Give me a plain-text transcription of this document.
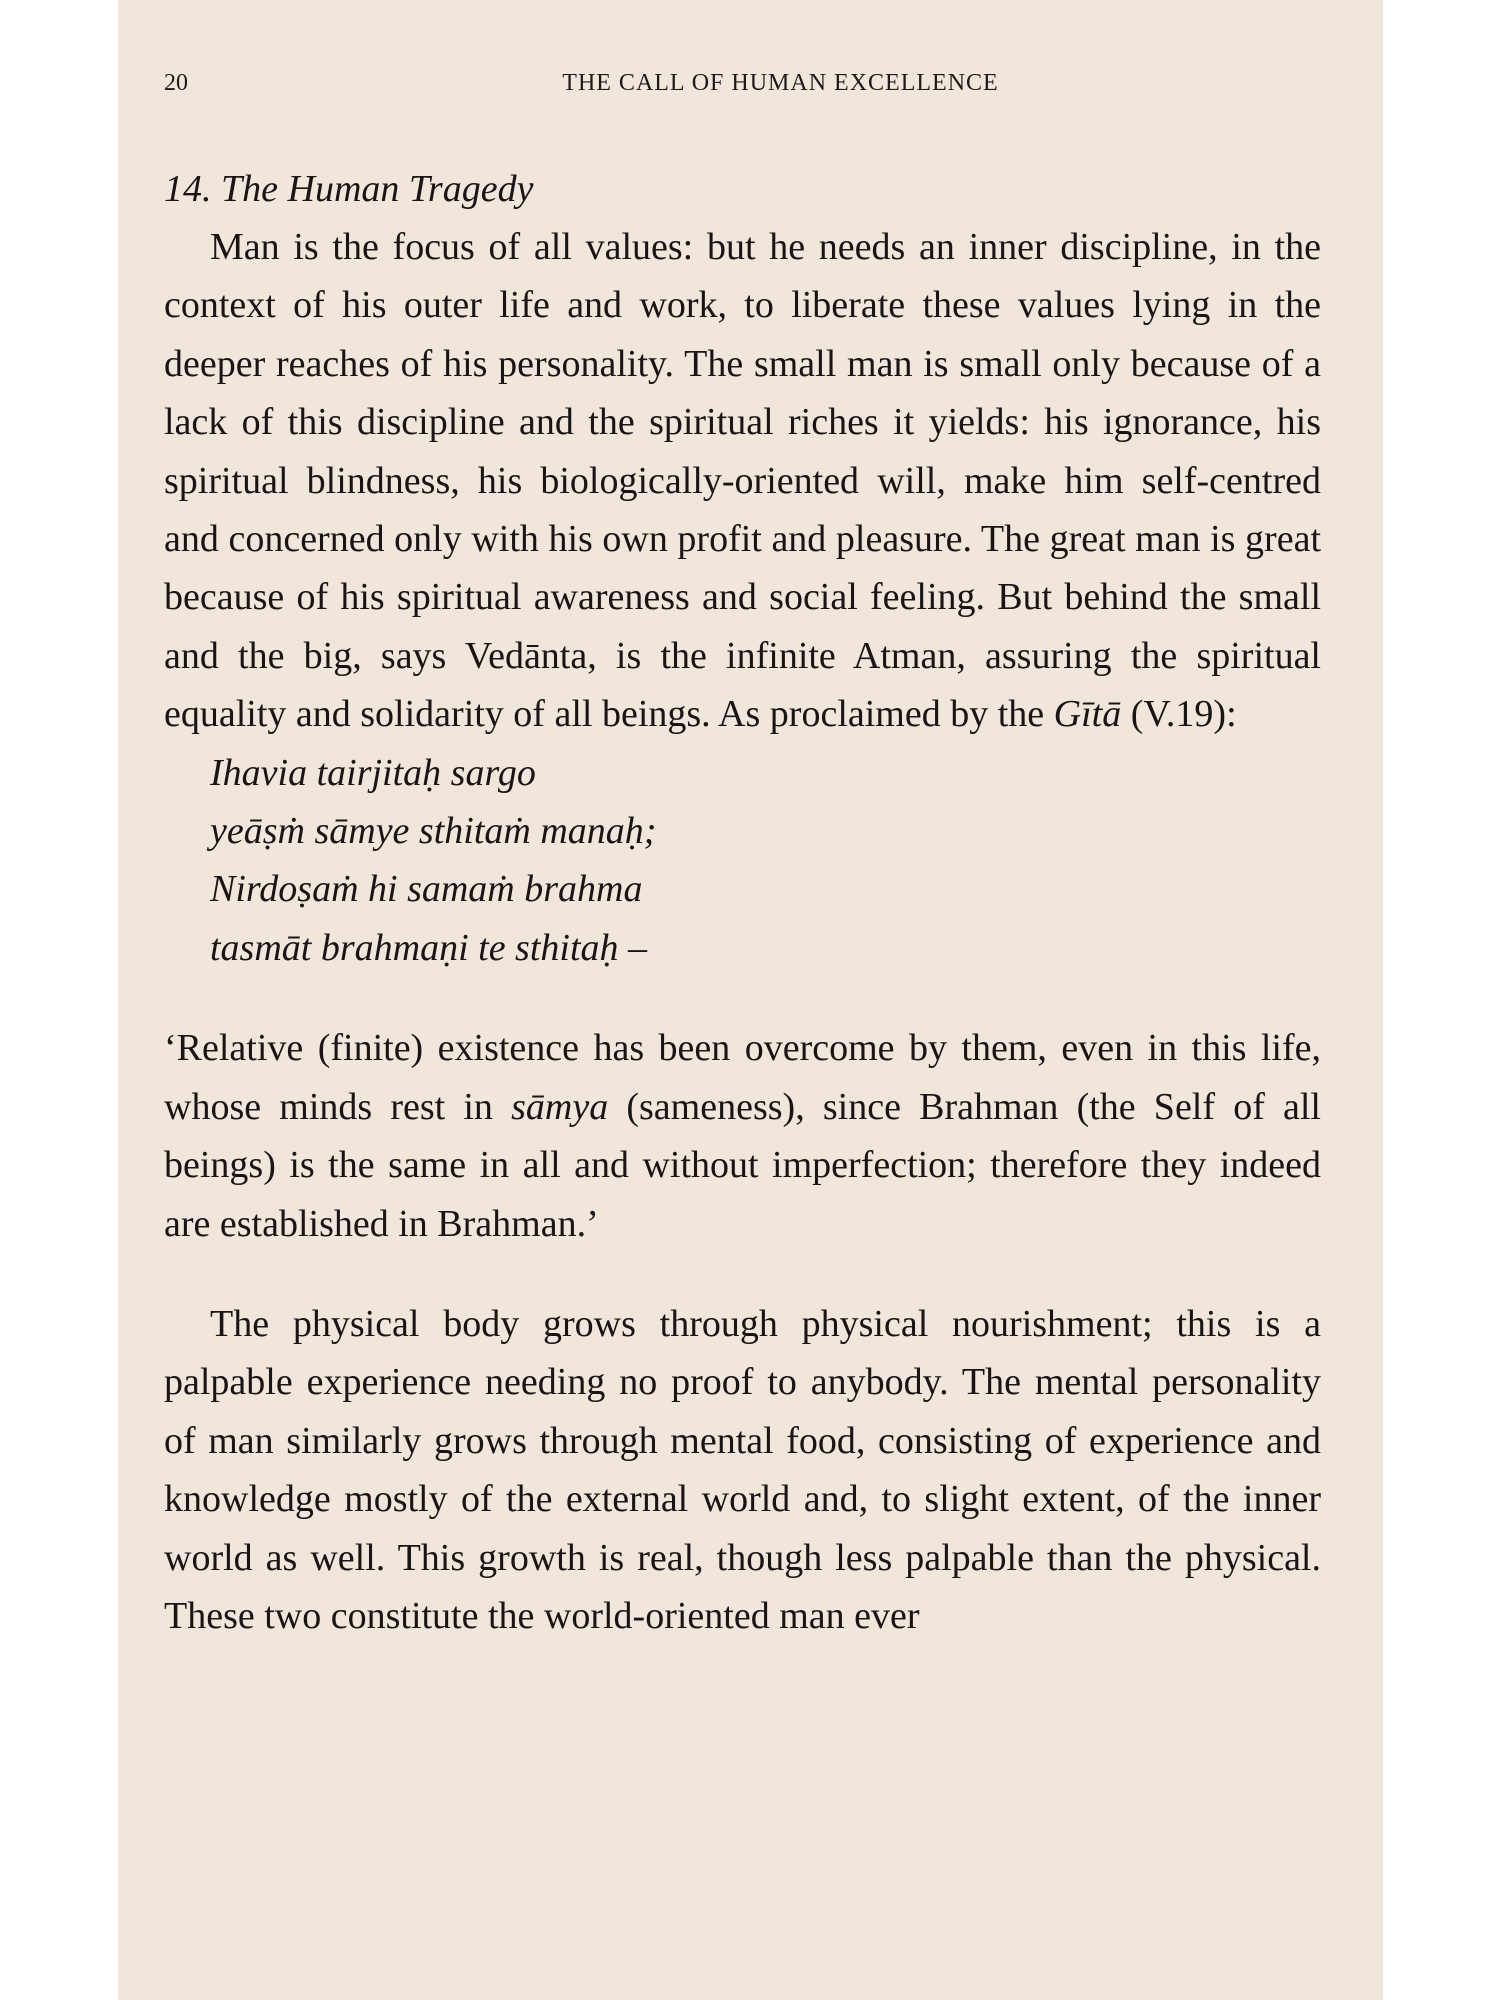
20	THE CALL OF HUMAN EXCELLENCE
14. The Human Tragedy

Man is the focus of all values: but he needs an inner discipline, in the context of his outer life and work, to liberate these values lying in the deeper reaches of his personality. The small man is small only because of a lack of this discipline and the spiritual riches it yields: his ignorance, his spiritual blindness, his biologically-oriented will, make him self-centred and concerned only with his own profit and pleasure. The great man is great because of his spiritual awareness and social feeling. But behind the small and the big, says Vedānta, is the infinite Atman, assuring the spiritual equality and solidarity of all beings. As proclaimed by the Gītā (V.19):

Ihavia tairjitaḥ sargo
yeāṣṁ sāmye sthitaṁ manaḥ;
Nirdoṣaṁ hi samaṁ brahma
tasmāt brahmaṇi te sthitaḥ –

‘Relative (finite) existence has been overcome by them, even in this life, whose minds rest in sāmya (sameness), since Brahman (the Self of all beings) is the same in all and without imperfection; therefore they indeed are established in Brahman.’

The physical body grows through physical nourishment; this is a palpable experience needing no proof to anybody. The mental personality of man similarly grows through mental food, consisting of experience and knowledge mostly of the external world and, to slight extent, of the inner world as well. This growth is real, though less palpable than the physical. These two constitute the world-oriented man ever
